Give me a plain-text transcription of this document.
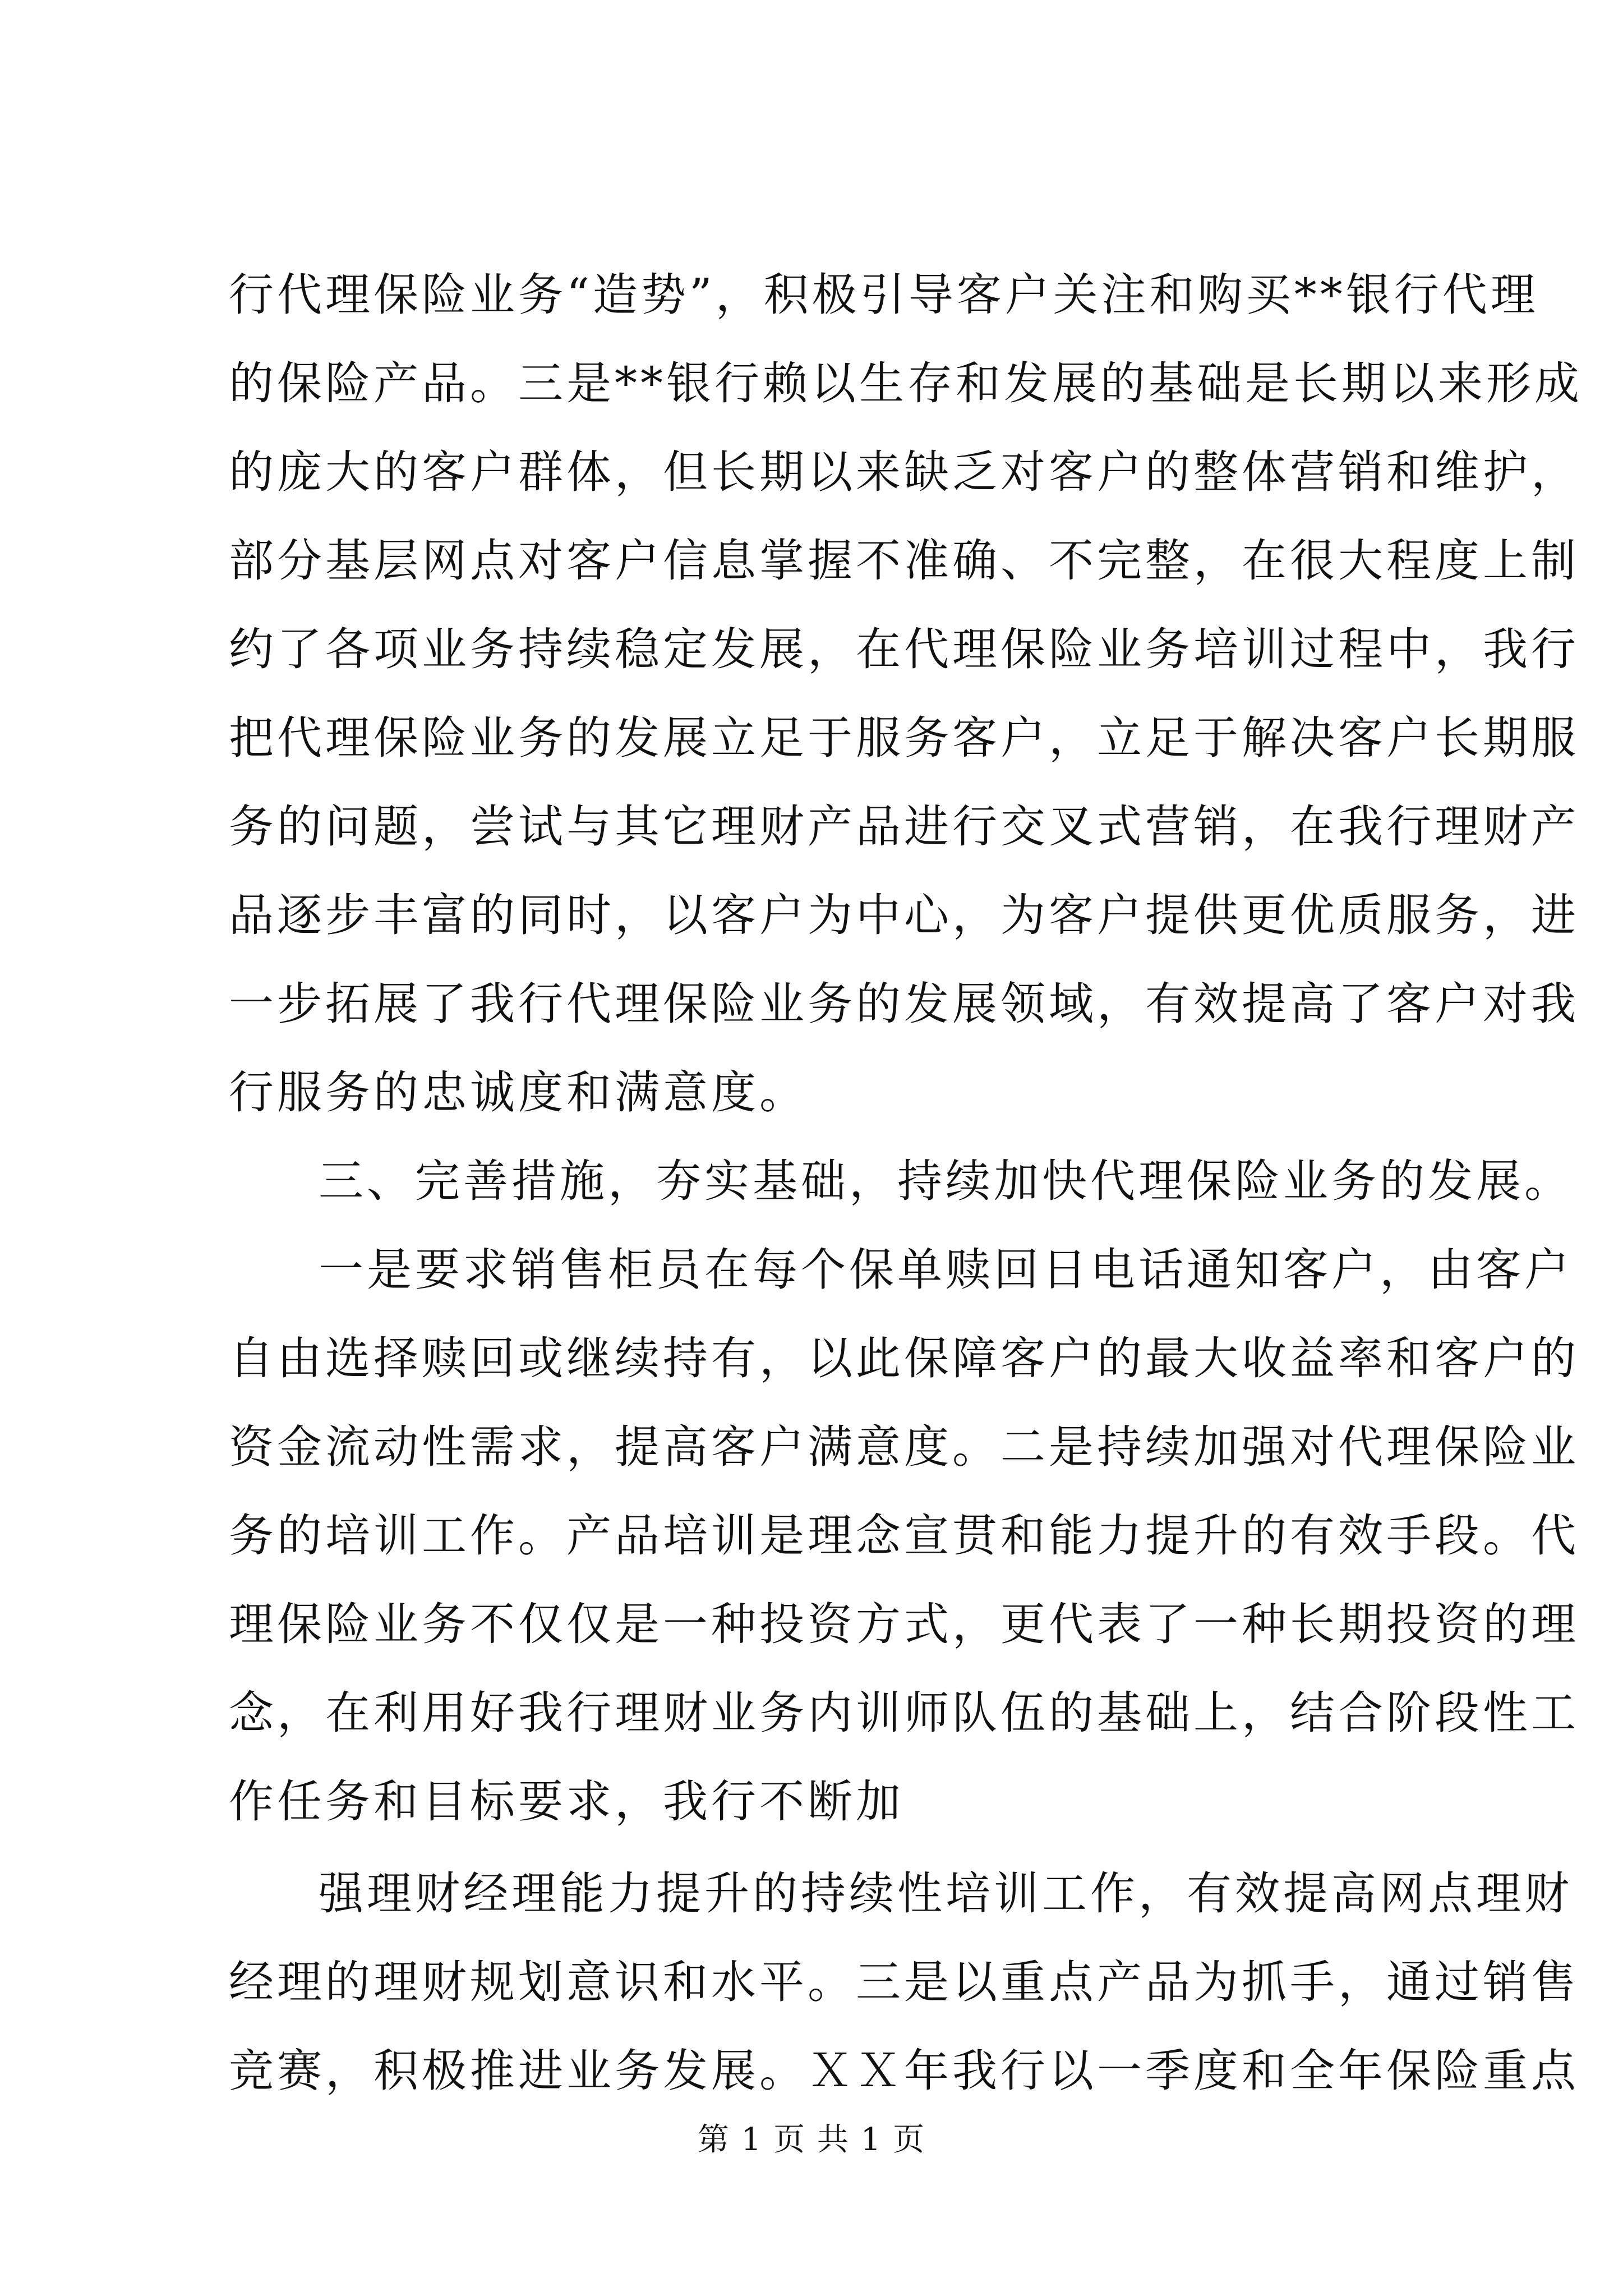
行代理保险业务“造势”，积极引导客户关注和购买**银行代理
的保险产品。三是**银行赖以生存和发展的基础是长期以来形成
的庞大的客户群体，但长期以来缺乏对客户的整体营销和维护，
部分基层网点对客户信息掌握不准确、不完整，在很大程度上制
约了各项业务持续稳定发展，在代理保险业务培训过程中，我行
把代理保险业务的发展立足于服务客户，立足于解决客户长期服
务的问题，尝试与其它理财产品进行交叉式营销，在我行理财产
品逐步丰富的同时，以客户为中心，为客户提供更优质服务，进
一步拓展了我行代理保险业务的发展领域，有效提高了客户对我
行服务的忠诚度和满意度。
三、完善措施，夯实基础，持续加快代理保险业务的发展。
一是要求销售柜员在每个保单赎回日电话通知客户，由客户
自由选择赎回或继续持有，以此保障客户的最大收益率和客户的
资金流动性需求，提高客户满意度。二是持续加强对代理保险业
务的培训工作。产品培训是理念宣贯和能力提升的有效手段。代
理保险业务不仅仅是一种投资方式，更代表了一种长期投资的理
念，在利用好我行理财业务内训师队伍的基础上，结合阶段性工
作任务和目标要求，我行不断加
强理财经理能力提升的持续性培训工作，有效提高网点理财
经理的理财规划意识和水平。三是以重点产品为抓手，通过销售
竞赛，积极推进业务发展。ＸＸ年我行以一季度和全年保险重点
第 1 页 共 1 页
